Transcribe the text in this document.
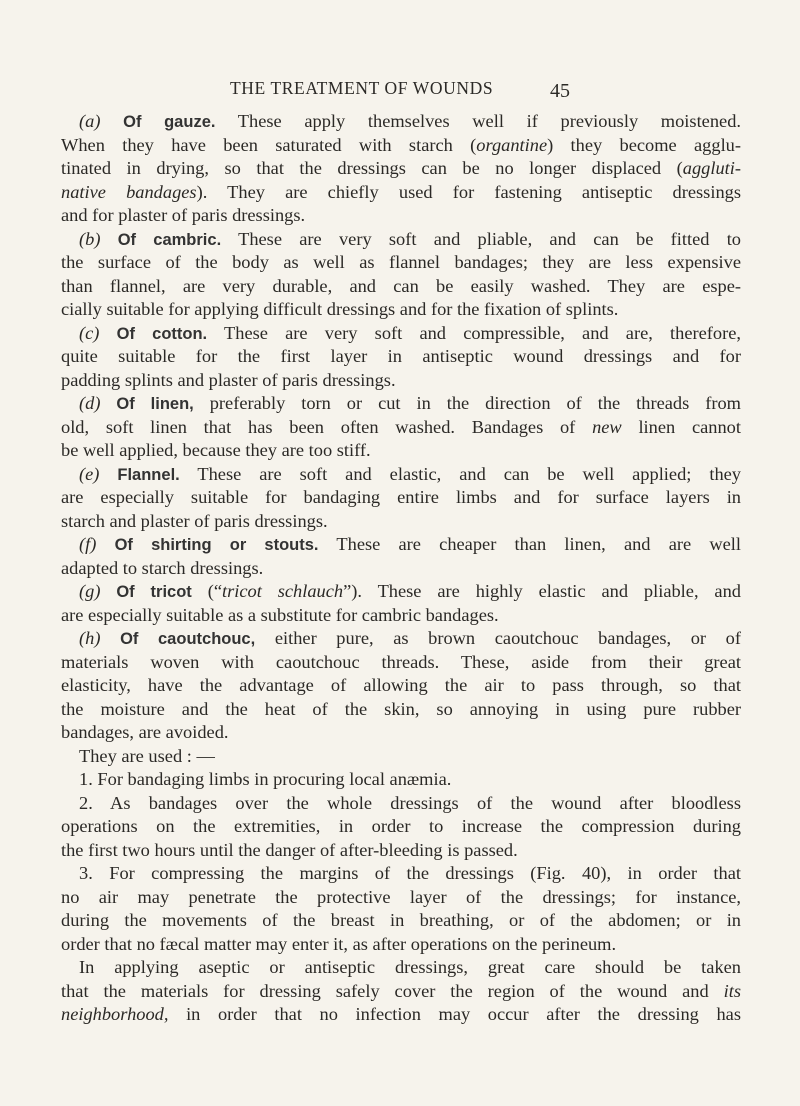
THE TREATMENT OF WOUNDS	45
(a) Of gauze. These apply themselves well if previously moistened.
When they have been saturated with starch (organtine) they become agglu-
tinated in drying, so that the dressings can be no longer displaced (aggluti-
native bandages). They are chiefly used for fastening antiseptic dressings
and for plaster of paris dressings.
(b) Of cambric. These are very soft and pliable, and can be fitted to
the surface of the body as well as flannel bandages; they are less expensive
than flannel, are very durable, and can be easily washed. They are espe-
cially suitable for applying difficult dressings and for the fixation of splints.
(c) Of cotton. These are very soft and compressible, and are, therefore,
quite suitable for the first layer in antiseptic wound dressings and for
padding splints and plaster of paris dressings.
(d) Of linen, preferably torn or cut in the direction of the threads from
old, soft linen that has been often washed. Bandages of new linen cannot
be well applied, because they are too stiff.
(e) Flannel. These are soft and elastic, and can be well applied; they
are especially suitable for bandaging entire limbs and for surface layers in
starch and plaster of paris dressings.
(f) Of shirting or stouts. These are cheaper than linen, and are well
adapted to starch dressings.
(g) Of tricot (“tricot schlauch”). These are highly elastic and pliable, and
are especially suitable as a substitute for cambric bandages.
(h) Of caoutchouc, either pure, as brown caoutchouc bandages, or of
materials woven with caoutchouc threads. These, aside from their great
elasticity, have the advantage of allowing the air to pass through, so that
the moisture and the heat of the skin, so annoying in using pure rubber
bandages, are avoided.
They are used : —
1. For bandaging limbs in procuring local anæmia.
2. As bandages over the whole dressings of the wound after bloodless
operations on the extremities, in order to increase the compression during
the first two hours until the danger of after-bleeding is passed.
3. For compressing the margins of the dressings (Fig. 40), in order that
no air may penetrate the protective layer of the dressings; for instance,
during the movements of the breast in breathing, or of the abdomen; or in
order that no fæcal matter may enter it, as after operations on the perineum.
In applying aseptic or antiseptic dressings, great care should be taken
that the materials for dressing safely cover the region of the wound and its
neighborhood, in order that no infection may occur after the dressing has
